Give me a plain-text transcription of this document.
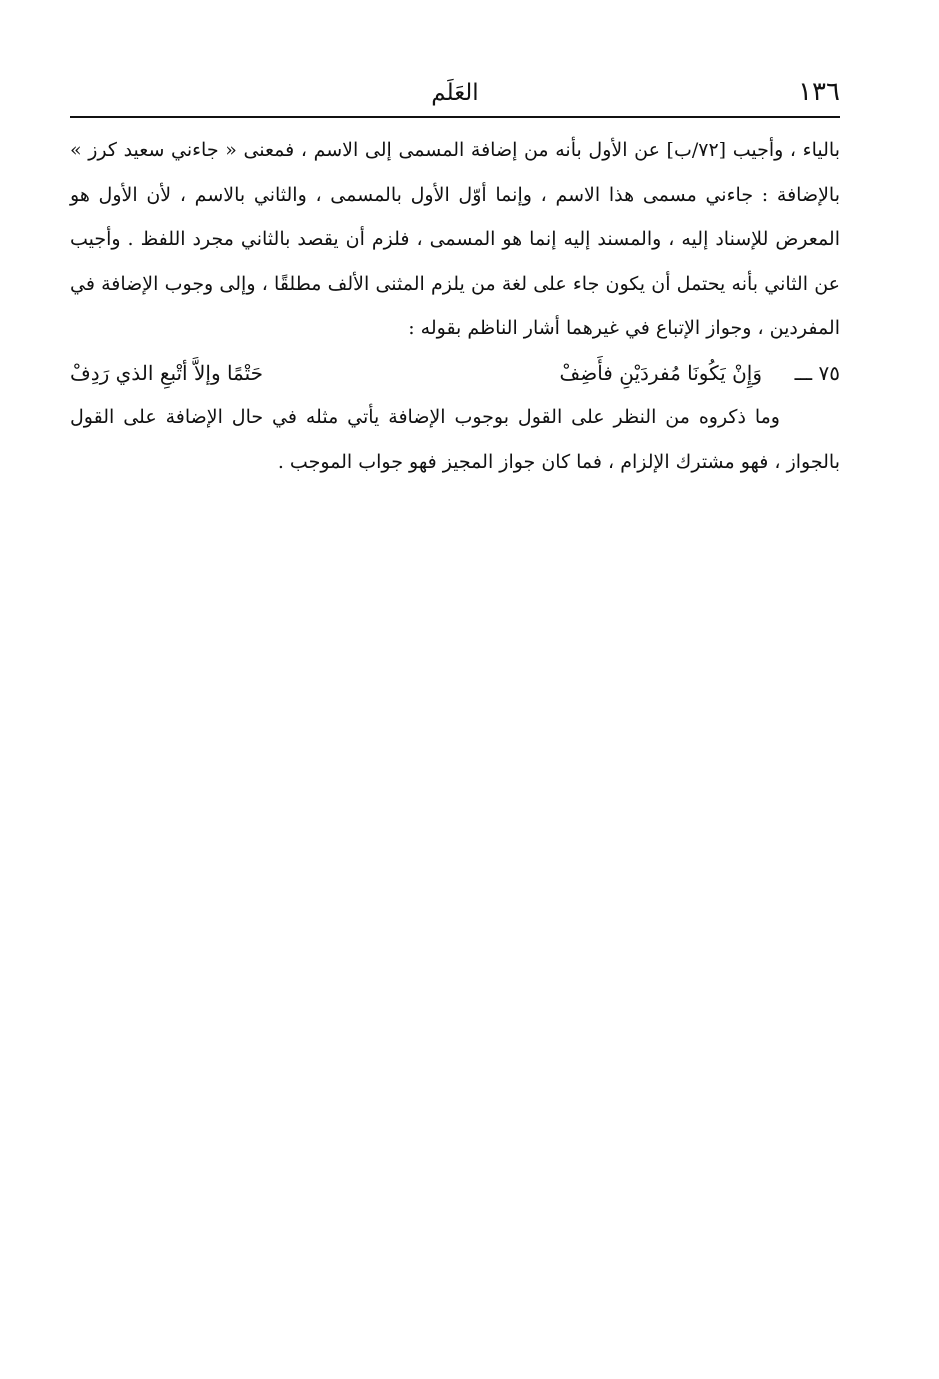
١٣٦
العَلَم

بالياء ، وأجيب [٧٢/ب] عن الأول بأنه من إضافة المسمى إلى الاسم ، فمعنى « جاءني سعيد كرز » بالإضافة : جاءني مسمى هذا الاسم ، وإنما أوّل الأول بالمسمى ، والثاني بالاسم ، لأن الأول هو المعرض للإسناد إليه ، والمسند إليه إنما هو المسمى ، فلزم أن يقصد بالثاني مجرد اللفظ . وأجيب عن الثاني بأنه يحتمل أن يكون جاء على لغة من يلزم المثنى الألف مطلقًا ، وإلى وجوب الإضافة في المفردين ، وجواز الإتباع في غيرهما أشار الناظم بقوله :

٧٥ ـــ
وَإِنْ يَكُونَا مُفردَيْنِ فأَضِفْ
حَتْمًا وإلاَّ أتْبعِ الذي رَدِفْ

وما ذكروه من النظر على القول بوجوب الإضافة يأتي مثله في حال الإضافة على القول بالجواز ، فهو مشترك الإلزام ، فما كان جواز المجيز فهو جواب الموجب .
